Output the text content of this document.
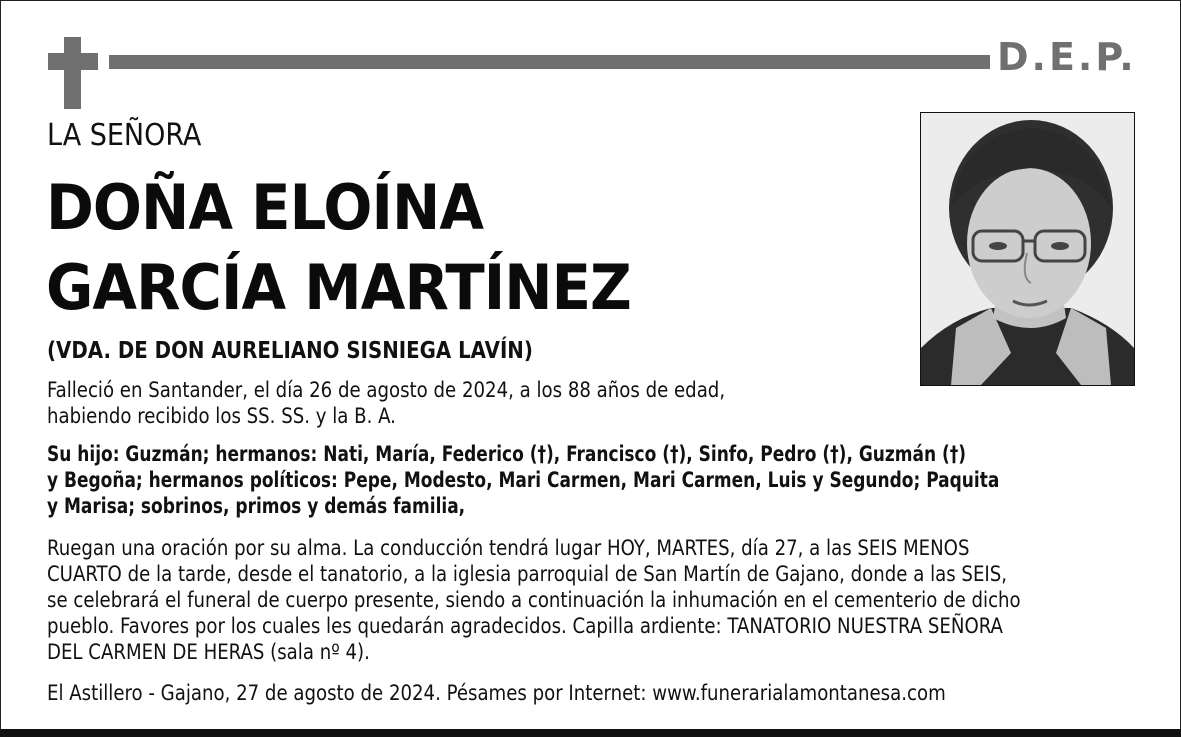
D.E.P.
LA SEÑORA
DOÑA ELOÍNA
GARCÍA MARTÍNEZ
(VDA. DE DON AURELIANO SISNIEGA LAVÍN)
Falleció en Santander, el día 26 de agosto de 2024, a los 88 años de edad,
habiendo recibido los SS. SS. y la B. A.
Su hijo: Guzmán; hermanos: Nati, María, Federico (†), Francisco (†), Sinfo, Pedro (†), Guzmán (†)
y Begoña; hermanos políticos: Pepe, Modesto, Mari Carmen, Mari Carmen, Luis y Segundo; Paquita
y Marisa; sobrinos, primos y demás familia,
Ruegan una oración por su alma. La conducción tendrá lugar HOY, MARTES, día 27, a las SEIS MENOS
CUARTO de la tarde, desde el tanatorio, a la iglesia parroquial de San Martín de Gajano, donde a las SEIS,
se celebrará el funeral de cuerpo presente, siendo a continuación la inhumación en el cementerio de dicho
pueblo. Favores por los cuales les quedarán agradecidos. Capilla ardiente: TANATORIO NUESTRA SEÑORA
DEL CARMEN DE HERAS (sala nº 4).
El Astillero - Gajano, 27 de agosto de 2024. Pésames por Internet: www.funerarialamontanesa.com
